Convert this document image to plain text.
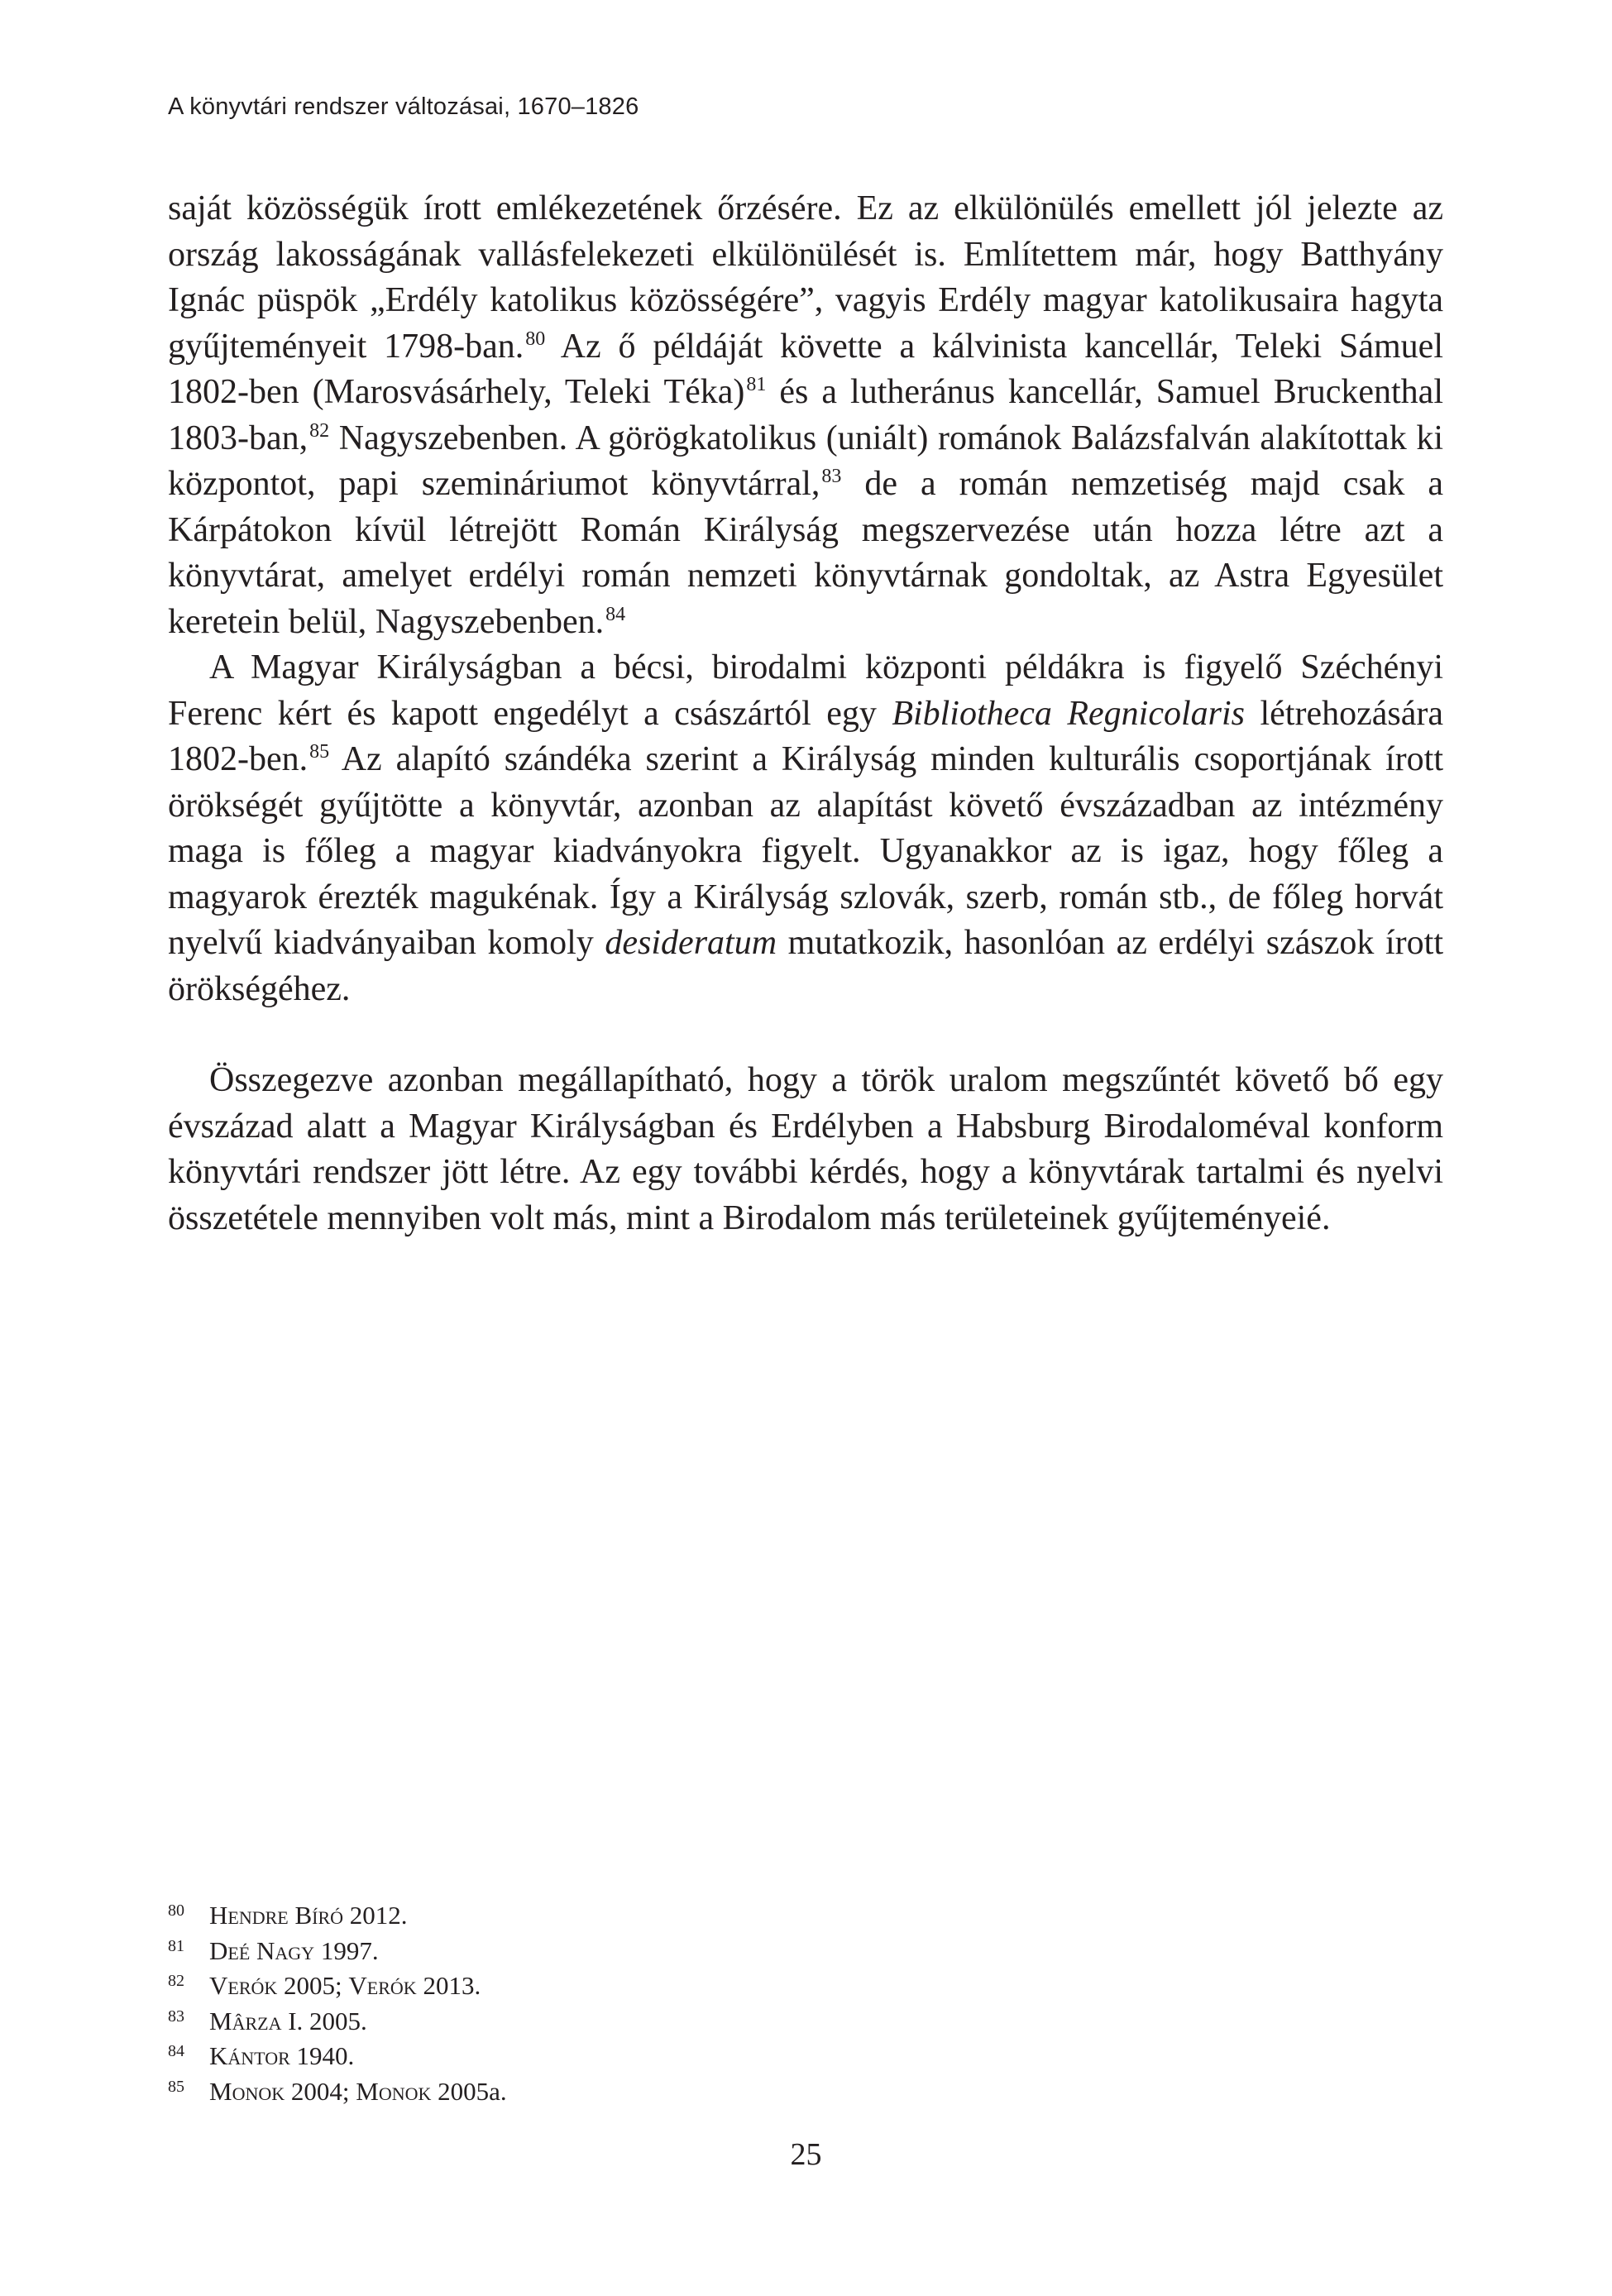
A könyvtári rendszer változásai, 1670–1826

saját közösségük írott emlékezetének őrzésére. Ez az elkülönülés emellett jól jelezte az ország lakosságának vallásfelekezeti elkülönülését is. Említettem már, hogy Batthyány Ignác püspök „Erdély katolikus közösségére”, vagyis Erdély magyar katolikusaira hagyta gyűjteményeit 1798-ban.$^{80}$ Az ő példáját követte a kálvinista kancellár, Teleki Sámuel 1802-ben (Marosvásárhely, Teleki Téka)$^{81}$ és a lutheránus kancellár, Samuel Bruckenthal 1803-ban,$^{82}$ Nagyszebenben. A görögkatolikus (uniált) románok Balázsfalván alakítottak ki központot, papi szemináriumot könyvtárral,$^{83}$ de a román nemzetiség majd csak a Kárpátokon kívül létrejött Román Királyság megszervezése után hozza létre azt a könyvtárat, amelyet erdélyi román nemzeti könyvtárnak gondoltak, az Astra Egyesület keretein belül, Nagyszebenben.$^{84}$

A Magyar Királyságban a bécsi, birodalmi központi példákra is figyelő Széchényi Ferenc kért és kapott engedélyt a császártól egy Bibliotheca Regnicolaris létrehozására 1802-ben.$^{85}$ Az alapító szándéka szerint a Királyság minden kulturális csoportjának írott örökségét gyűjtötte a könyvtár, azonban az alapítást követő évszázadban az intézmény maga is főleg a magyar kiadványokra figyelt. Ugyanakkor az is igaz, hogy főleg a magyarok érezték magukénak. Így a Királyság szlovák, szerb, román stb., de főleg horvát nyelvű kiadványaiban komoly desideratum mutatkozik, hasonlóan az erdélyi szászok írott örökségéhez.

Összegezve azonban megállapítható, hogy a török uralom megszűntét követő bő egy évszázad alatt a Magyar Királyságban és Erdélyben a Habsburg Birodaloméval konform könyvtári rendszer jött létre. Az egy további kérdés, hogy a könyvtárak tartalmi és nyelvi összetétele mennyiben volt más, mint a Birodalom más területeinek gyűjteményeié.

80 Hendre Bíró 2012.
81 Deé Nagy 1997.
82 Verók 2005; Verók 2013.
83 Mârza I. 2005.
84 Kántor 1940.
85 Monok 2004; Monok 2005a.
25
